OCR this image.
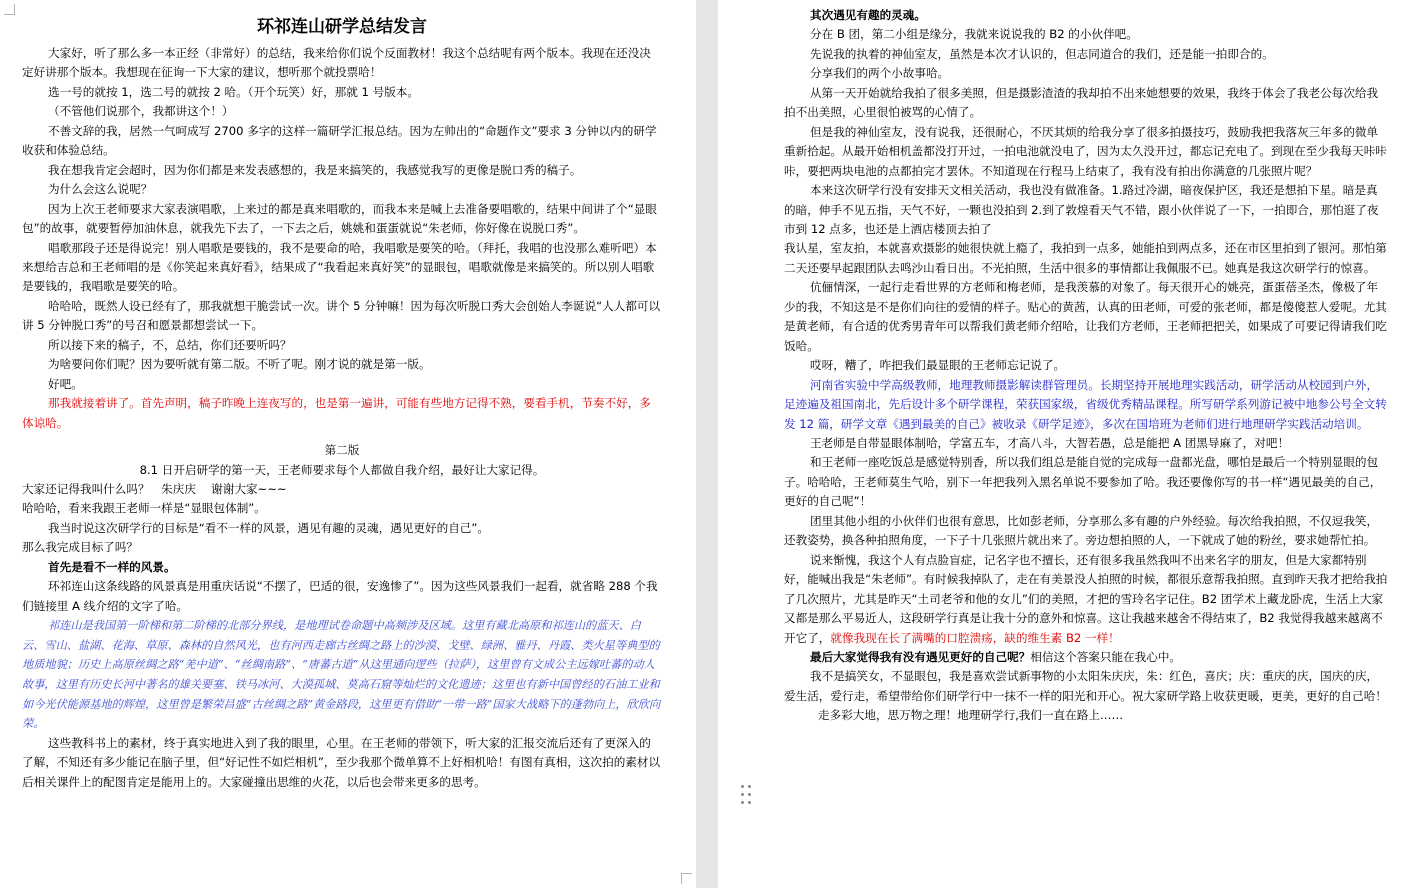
环祁连山研学总结发言

大家好，听了那么多一本正经（非常好）的总结，我来给你们说个反面教材！我这个总结呢有两个版本。我现在还没决定好讲那个版本。我想现在征询一下大家的建议，想听那个就投票哈！

选一号的就按 1，选二号的就按 2 哈。（开个玩笑）好，那就 1 号版本。

（不管他们说那个，我都讲这个！）

不善文辞的我，居然一气呵成写 2700 多字的这样一篇研学汇报总结。因为左帅出的“命题作文”要求 3 分钟以内的研学收获和体验总结。

我在想我肯定会超时，因为你们都是来发表感想的，我是来搞笑的，我感觉我写的更像是脱口秀的稿子。

为什么会这么说呢？

因为上次王老师要求大家表演唱歌，上来过的都是真来唱歌的，而我本来是喊上去准备要唱歌的，结果中间讲了个“显眼包”的故事，就要暂停加油休息，就我先下去了，一下去之后，姚姚和蛋蛋就说“朱老师，你好像在说脱口秀”。

唱歌那段子还是得说完！别人唱歌是要钱的，我不是要命的哈，我唱歌是要笑的哈。（拜托，我唱的也没那么难听吧）本来想给吉总和王老师唱的是《你笑起来真好看》，结果成了“我看起来真好笑”的显眼包，唱歌就像是来搞笑的。所以别人唱歌是要钱的，我唱歌是要笑的哈。

哈哈哈，既然人设已经有了，那我就想干脆尝试一次。讲个 5 分钟嘛！因为每次听脱口秀大会创始人李诞说“人人都可以讲 5 分钟脱口秀”的号召和愿景都想尝试一下。

所以接下来的稿子，不，总结，你们还要听吗？

为啥要问你们呢？因为要听就有第二版。不听了呢。刚才说的就是第一版。

好吧。

那我就接着讲了。首先声明，稿子昨晚上连夜写的，也是第一遍讲，可能有些地方记得不熟，要看手机，节奏不好，多体谅哈。

第二版

8.1 日开启研学的第一天，王老师要求每个人都做自我介绍，最好让大家记得。

大家还记得我叫什么吗？　朱庆庆　 谢谢大家~~~

哈哈哈，看来我跟王老师一样是“显眼包体制”。

我当时说这次研学行的目标是“看不一样的风景，遇见有趣的灵魂，遇见更好的自己”。

那么我完成目标了吗？

首先是看不一样的风景。

环祁连山这条线路的风景真是用重庆话说“不摆了，巴适的很，安逸惨了”。因为这些风景我们一起看，就省略 288 个我们链接里 A 线介绍的文字了哈。

祁连山是我国第一阶梯和第二阶梯的北部分界线，是地理试卷命题中高频涉及区域。这里有藏北高原和祁连山的蓝天、白云、雪山、盐湖、花海、草原、森林的自然风光，也有河西走廊古丝绸之路上的沙漠、戈壁、绿洲、雅丹、丹霞、类火星等典型的地质地貌；历史上高原丝绸之路“羌中道”、“丝绸南路”、“唐蕃古道”从这里通向逻些（拉萨），这里曾有文成公主远嫁吐蕃的动人故事，这里有历史长河中著名的雄关要塞、铁马冰河、大漠孤城、莫高石窟等灿烂的文化遗迹；这里也有新中国曾经的石油工业和如今光伏能源基地的辉煌，这里曾是繁荣昌盛“古丝绸之路”黄金路段，这里更有借助“一带一路”国家大战略下的蓬勃向上，欣欣向荣。

这些教科书上的素材，终于真实地进入到了我的眼里，心里。在王老师的带领下，听大家的汇报交流后还有了更深入的了解，不知还有多少能记在脑子里，但“好记性不如烂相机”，至少我那个微单算不上好相机哈！有图有真相，这次拍的素材以后相关课件上的配图肯定是能用上的。大家碰撞出思维的火花，以后也会带来更多的思考。

其次遇见有趣的灵魂。

分在 B 团，第二小组是缘分，我就来说说我的 B2 的小伙伴吧。

先说我的执着的神仙室友，虽然是本次才认识的，但志同道合的我们，还是能一拍即合的。

分享我们的两个小故事哈。

从第一天开始就给我拍了很多美照，但是摄影渣渣的我却拍不出来她想要的效果，我终于体会了我老公每次给我拍不出美照，心里很怕被骂的心情了。

但是我的神仙室友，没有说我，还很耐心，不厌其烦的给我分享了很多拍摄技巧，鼓励我把我落灰三年多的微单重新拾起。从最开始相机盖都没打开过，一拍电池就没电了，因为太久没开过，都忘记充电了。到现在至少我每天咔咔咔，要把两块电池的点都拍完才罢休。不知道现在行程马上结束了，我有没有拍出你满意的几张照片呢？

本来这次研学行没有安排天文相关活动，我也没有做准备。1.路过冷湖，暗夜保护区，我还是想拍下星。暗是真的暗，伸手不见五指，天气不好，一颗也没拍到 2.到了敦煌看天气不错，跟小伙伴说了一下，一拍即合，那怕逛了夜市到 12 点多，也还是上酒店楼顶去拍了

我认星，室友拍，本就喜欢摄影的她很快就上瘾了，我拍到一点多，她能拍到两点多，还在市区里拍到了银河。那怕第二天还要早起跟团队去鸣沙山看日出。不光拍照，生活中很多的事情都让我佩服不已。她真是我这次研学行的惊喜。

伉俪情深，一起行走看世界的方老师和梅老师，是我羡慕的对象了。每天很开心的姚亮，蛋蛋蓓圣杰，像极了年少的我，不知这是不是你们向往的爱情的样子。贴心的黄茜，认真的田老师，可爱的张老师，都是傻傻惹人爱呢。尤其是黄老师，有合适的优秀男青年可以帮我们黄老师介绍哈，让我们方老师，王老师把把关，如果成了可要记得请我们吃饭哈。

哎呀，糟了，咋把我们最显眼的王老师忘记说了。

河南省实验中学高级教师，地理教师摄影解读群管理员。长期坚持开展地理实践活动，研学活动从校园到户外，足迹遍及祖国南北，先后设计多个研学课程，荣获国家级，省级优秀精品课程。所写研学系列游记被中地参公号全文转发 12 篇，研学文章《遇到最美的自己》被收录《研学足迹》，多次在国培班为老师们进行地理研学实践活动培训。

王老师是自带显眼体制哈，学富五车，才高八斗，大智若愚，总是能把 A 团黑导麻了，对吧！

和王老师一座吃饭总是感觉特别香，所以我们组总是能自觉的完成每一盘都光盘，哪怕是最后一个特别显眼的包子。哈哈哈，王老师莫生气哈，别下一年把我列入黑名单说不要参加了哈。我还要像你写的书一样“遇见最美的自己，更好的自己呢”！

团里其他小组的小伙伴们也很有意思，比如彭老师，分享那么多有趣的户外经验。每次给我拍照，不仅逗我笑，还教姿势，换各种拍照角度，一下子十几张照片就出来了。旁边想拍照的人，一下就成了她的粉丝，要求她帮忙拍。

说来惭愧，我这个人有点脸盲症，记名字也不擅长，还有很多我虽然我叫不出来名字的朋友，但是大家都特别好，能喊出我是“朱老师”。有时候我掉队了，走在有美景没人拍照的时候，都很乐意帮我拍照。直到昨天我才把给我拍了几次照片，尤其是昨天“土司老爷和他的女儿”们的美照，才把的雪玲名字记住。B2 团学术上藏龙卧虎，生活上大家又都是那么平易近人，这段研学行真是让我十分的意外和惊喜。这让我越来越舍不得结束了，B2 我觉得我越来越离不开它了，就像我现在长了满嘴的口腔溃疡，缺的维生素 B2 一样！

最后大家觉得我有没有遇见更好的自己呢？相信这个答案只能在我心中。

我不是搞笑女，不显眼包，我是喜欢尝试新事物的小太阳朱庆庆，朱：红色，喜庆；庆：重庆的庆，国庆的庆，爱生活，爱行走，希望带给你们研学行中一抹不一样的阳光和开心。祝大家研学路上收获更暖，更美，更好的自己哈！

走多彩大地，思万物之理！地理研学行,我们一直在路上……
